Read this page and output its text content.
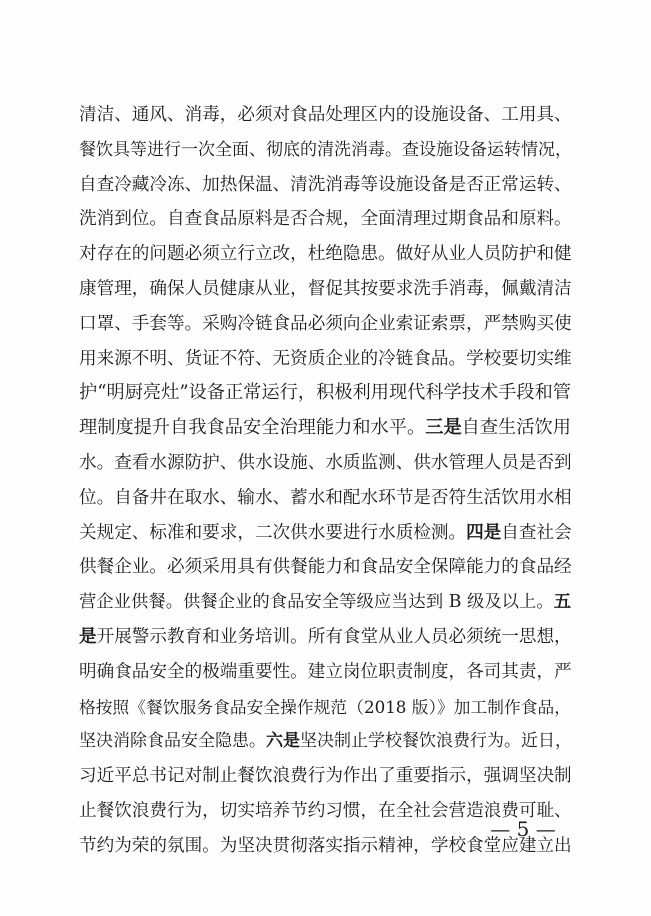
清洁、通风、消毒，必须对食品处理区内的设施设备、工用具、
餐饮具等进行一次全面、彻底的清洗消毒。查设施设备运转情况，
自查冷藏冷冻、加热保温、清洗消毒等设施设备是否正常运转、
洗消到位。自查食品原料是否合规，全面清理过期食品和原料。
对存在的问题必须立行立改，杜绝隐患。做好从业人员防护和健
康管理，确保人员健康从业，督促其按要求洗手消毒，佩戴清洁
口罩、手套等。采购冷链食品必须向企业索证索票，严禁购买使
用来源不明、货证不符、无资质企业的冷链食品。学校要切实维
护“明厨亮灶”设备正常运行，积极利用现代科学技术手段和管
理制度提升自我食品安全治理能力和水平。三是自查生活饮用
水。查看水源防护、供水设施、水质监测、供水管理人员是否到
位。自备井在取水、输水、蓄水和配水环节是否符生活饮用水相
关规定、标准和要求，二次供水要进行水质检测。四是自查社会
供餐企业。必须采用具有供餐能力和食品安全保障能力的食品经
营企业供餐。供餐企业的食品安全等级应当达到 B 级及以上。五
是开展警示教育和业务培训。所有食堂从业人员必须统一思想，
明确食品安全的极端重要性。建立岗位职责制度，各司其责，严
格按照《餐饮服务食品安全操作规范（2018 版）》加工制作食品，
坚决消除食品安全隐患。六是坚决制止学校餐饮浪费行为。近日，
习近平总书记对制止餐饮浪费行为作出了重要指示，强调坚决制
止餐饮浪费行为，切实培养节约习惯，在全社会营造浪费可耻、
节约为荣的氛围。为坚决贯彻落实指示精神，学校食堂应建立出
— 5 —
